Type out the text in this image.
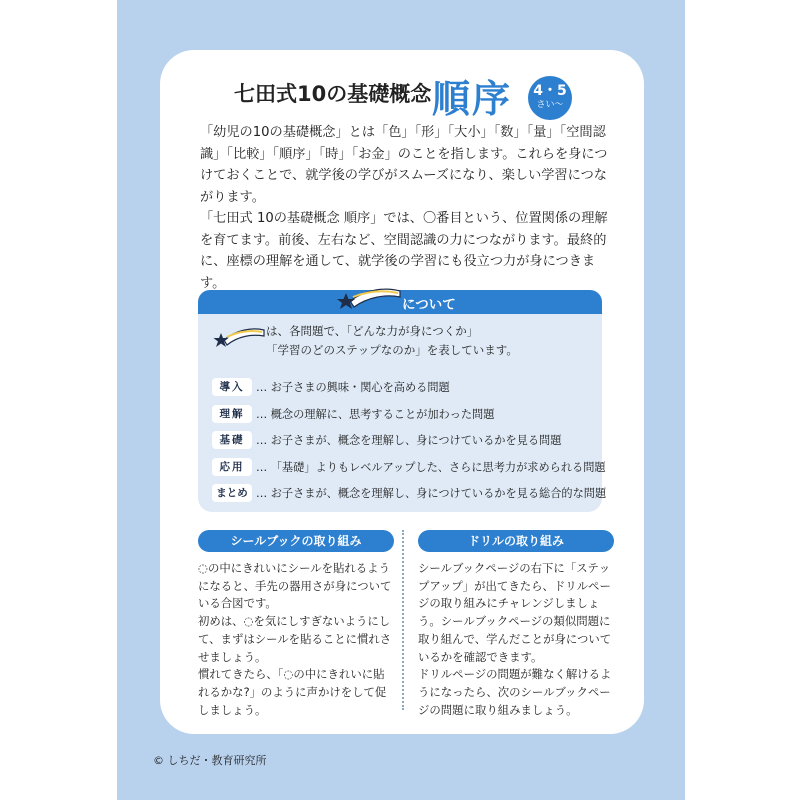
七田式10の基礎概念 順序	4・5
さい〜

「幼児の10の基礎概念」とは「色」「形」「大小」「数」「量」「空間認識」「比較」「順序」「時」「お金」のことを指します。これらを身につけておくことで、就学後の学びがスムーズになり、楽しい学習につながります。

「七田式 10の基礎概念 順序」では、〇番目という、位置関係の理解を育てます。前後、左右など、空間認識の力につながります。最終的に、座標の理解を通して、就学後の学習にも役立つ力が身につきます。

について
は、各問題で、「どんな力が身につくか」
「学習のどのステップなのか」を表しています。
導入	… お子さまの興味・関心を高める問題
理解	… 概念の理解に、思考することが加わった問題
基礎	… お子さまが、概念を理解し、身につけているかを見る問題
応用	… 「基礎」よりもレベルアップした、さらに思考力が求められる問題
まとめ … お子さまが、概念を理解し、身につけているかを見る総合的な問題
シールブックの取り組み

◌の中にきれいにシールを貼れるようになると、手先の器用さが身についている合図です。

初めは、◌を気にしすぎないようにして、まずはシールを貼ることに慣れさせましょう。

慣れてきたら、「◌の中にきれいに貼れるかな?」のように声かけをして促しましょう。

ドリルの取り組み

シールブックページの右下に「ステップアップ」が出てきたら、ドリルページの取り組みにチャレンジしましょう。シールブックページの類似問題に取り組んで、学んだことが身についているかを確認できます。

ドリルページの問題が難なく解けるようになったら、次のシールブックページの問題に取り組みましょう。

© しちだ・教育研究所
